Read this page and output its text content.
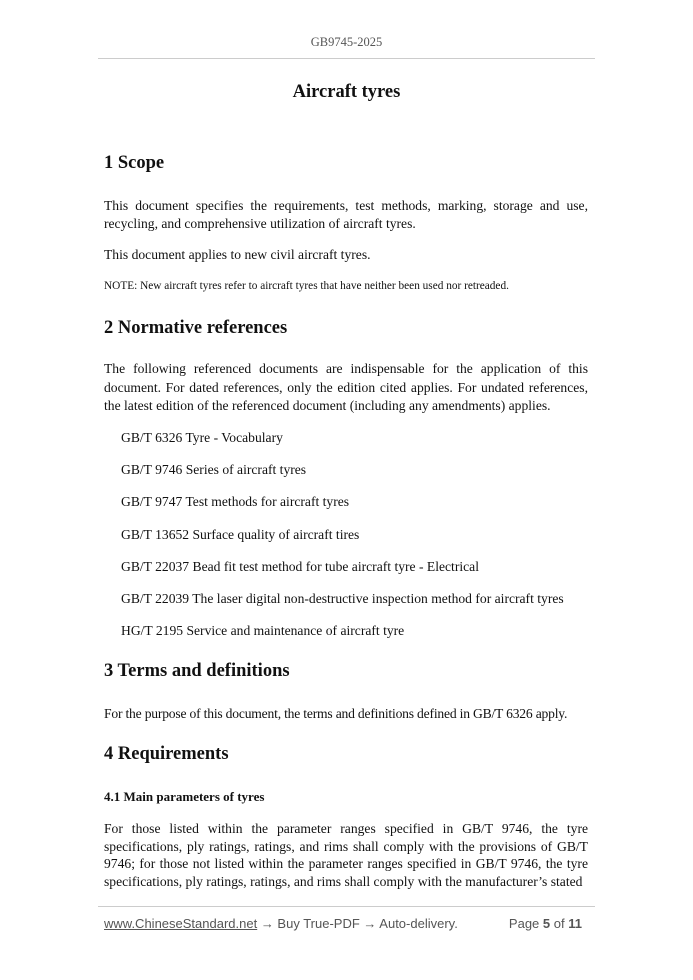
GB9745-2025
Aircraft tyres
1 Scope
This document specifies the requirements, test methods, marking, storage and use, recycling, and comprehensive utilization of aircraft tyres.
This document applies to new civil aircraft tyres.
NOTE: New aircraft tyres refer to aircraft tyres that have neither been used nor retreaded.
2 Normative references
The following referenced documents are indispensable for the application of this document. For dated references, only the edition cited applies. For undated references, the latest edition of the referenced document (including any amendments) applies.
GB/T 6326 Tyre - Vocabulary
GB/T 9746 Series of aircraft tyres
GB/T 9747 Test methods for aircraft tyres
GB/T 13652 Surface quality of aircraft tires
GB/T 22037 Bead fit test method for tube aircraft tyre - Electrical
GB/T 22039 The laser digital non-destructive inspection method for aircraft tyres
HG/T 2195 Service and maintenance of aircraft tyre
3 Terms and definitions
For the purpose of this document, the terms and definitions defined in GB/T 6326 apply.
4 Requirements
4.1 Main parameters of tyres
For those listed within the parameter ranges specified in GB/T 9746, the tyre specifications, ply ratings, ratings, and rims shall comply with the provisions of GB/T 9746; for those not listed within the parameter ranges specified in GB/T 9746, the tyre specifications, ply ratings, ratings, and rims shall comply with the manufacturer’s stated
www.ChineseStandard.net → Buy True-PDF → Auto-delivery.	Page 5 of 11
